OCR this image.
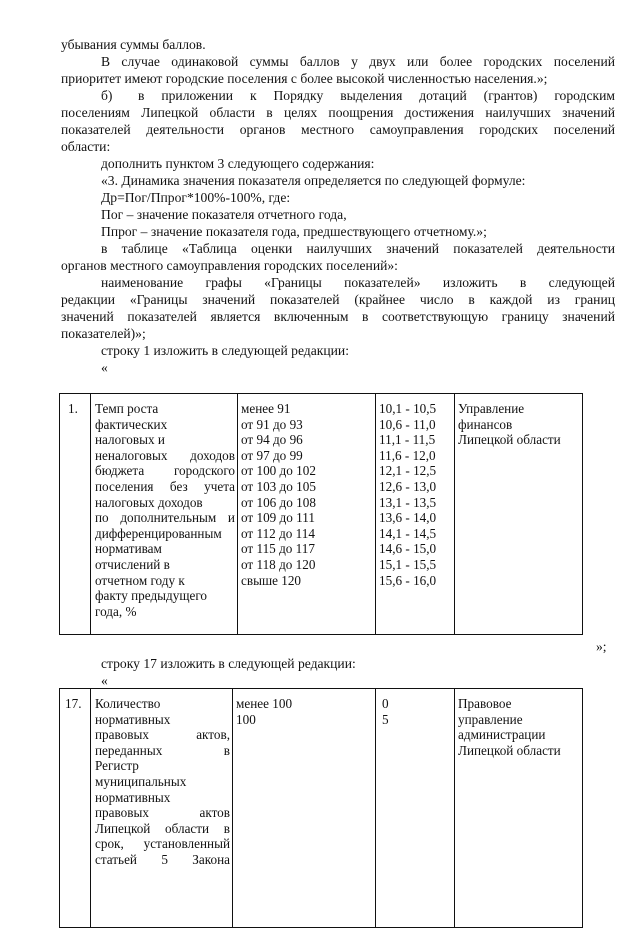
убывания суммы баллов.
В случае одинаковой суммы баллов у двух или более городских поселений
приоритет имеют городские поселения с более высокой численностью населения.»;
б) в приложении к Порядку выделения дотаций (грантов) городским
поселениям Липецкой области в целях поощрения достижения наилучших значений
показателей деятельности органов местного самоуправления городских поселений
области:
дополнить пунктом 3 следующего содержания:
«3. Динамика значения показателя определяется по следующей формуле:
Др=Пог/Ппрог*100%-100%, где:
Пог – значение показателя отчетного года,
Ппрог – значение показателя года, предшествующего отчетному.»;
в таблице «Таблица оценки наилучших значений показателей деятельности
органов местного самоуправления городских поселений»:
наименование графы «Границы показателей» изложить в следующей
редакции «Границы значений показателей (крайнее число в каждой из границ
значений показателей является включенным в соответствующую границу значений
показателей)»;
строку 1 изложить в следующей редакции:
«
1. Темп роста
фактических
налоговых и
неналоговых доходов
бюджета городского
поселения без учета
налоговых доходов
по дополнительным и
дифференцированным
нормативам
отчислений в
отчетном году к
факту предыдущего
года, %
менее 91
от 91 до 93
от 94 до 96
от 97 до 99
от 100 до 102
от 103 до 105
от 106 до 108
от 109 до 111
от 112 до 114
от 115 до 117
от 118 до 120
свыше 120
10,1 - 10,5
10,6 - 11,0
11,1 - 11,5
11,6 - 12,0
12,1 - 12,5
12,6 - 13,0
13,1 - 13,5
13,6 - 14,0
14,1 - 14,5
14,6 - 15,0
15,1 - 15,5
15,6 - 16,0
Управление
финансов
Липецкой области
»;
строку 17 изложить в следующей редакции:
«
17. Количество
нормативных
правовых актов,
переданных в
Регистр
муниципальных
нормативных
правовых актов
Липецкой области в
срок, установленный
статьей 5 Закона
менее 100
100
0
5
Правовое
управление
администрации
Липецкой области
